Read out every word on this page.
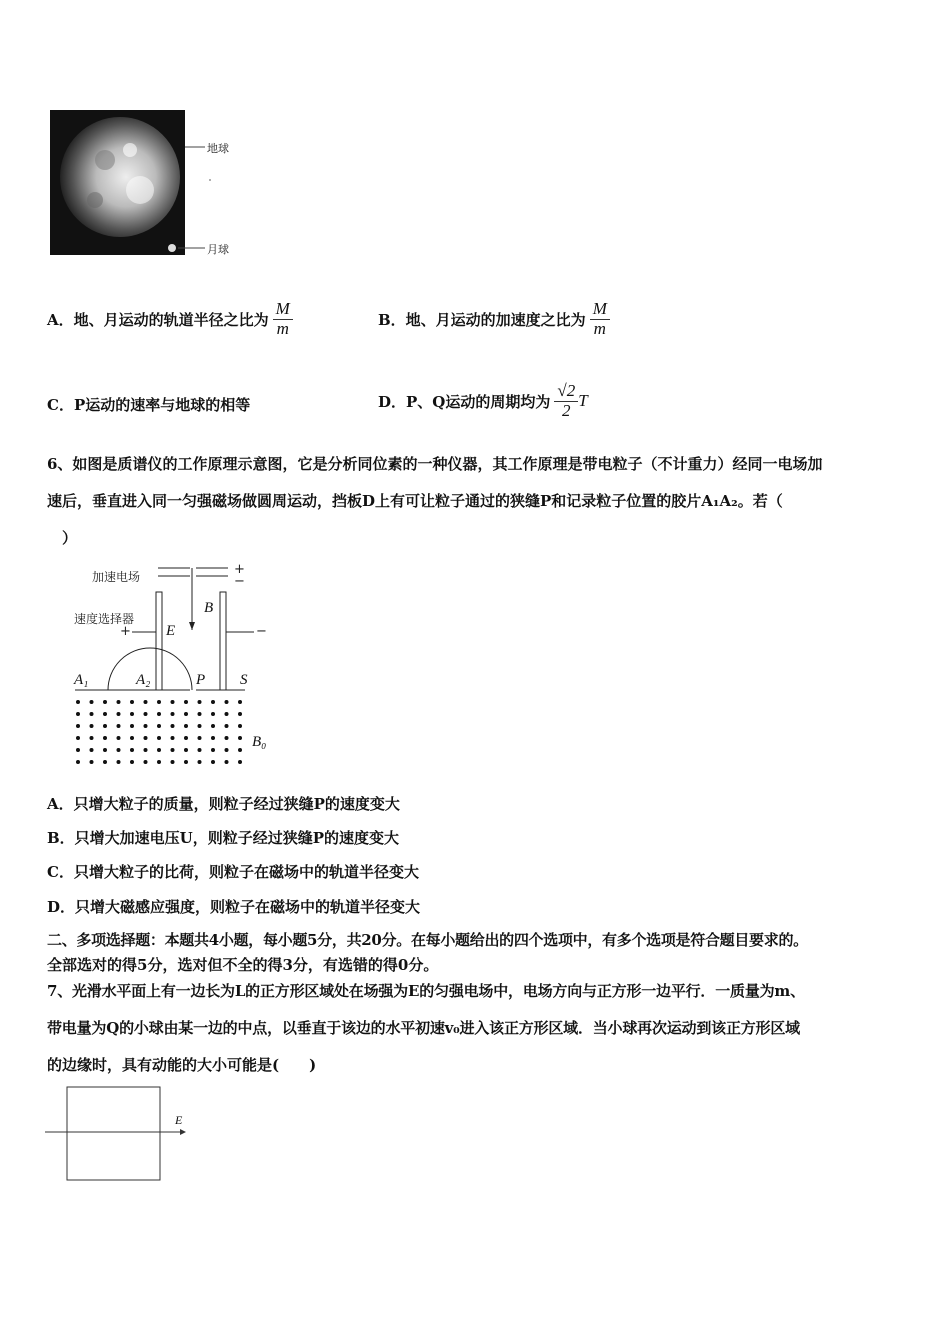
地球
月球
A．地、月运动的轨道半径之比为 $\frac{M}{m}$	B．地、月运动的加速度之比为 $\frac{M}{m}$
C．P运动的速率与地球的相等	D．P、Q运动的周期均为 $\frac{√2}{2}$ T
6、如图是质谱仪的工作原理示意图，它是分析同位素的一种仪器，其工作原理是带电粒子（不计重力）经同一电场加
速后，垂直进入同一匀强磁场做圆周运动，挡板D上有可让粒子通过的狭缝P和记录粒子位置的胶片A₁A₂。若（
）
加速电场	+
−
速度选择器
+	−
E
B
A₁	A₂	P S
B₀
A．只增大粒子的质量，则粒子经过狭缝P的速度变大
B．只增大加速电压U，则粒子经过狭缝P的速度变大
C．只增大粒子的比荷，则粒子在磁场中的轨道半径变大
D．只增大磁感应强度，则粒子在磁场中的轨道半径变大
二、多项选择题：本题共4小题，每小题5分，共20分。在每小题给出的四个选项中，有多个选项是符合题目要求的。
全部选对的得5分，选对但不全的得3分，有选错的得0分。
7、光滑水平面上有一边长为L的正方形区域处在场强为E的匀强电场中，电场方向与正方形一边平行．一质量为m、
带电量为Q的小球由某一边的中点，以垂直于该边的水平初速v₀进入该正方形区域．当小球再次运动到该正方形区域
的边缘时，具有动能的大小可能是(　　)
E
